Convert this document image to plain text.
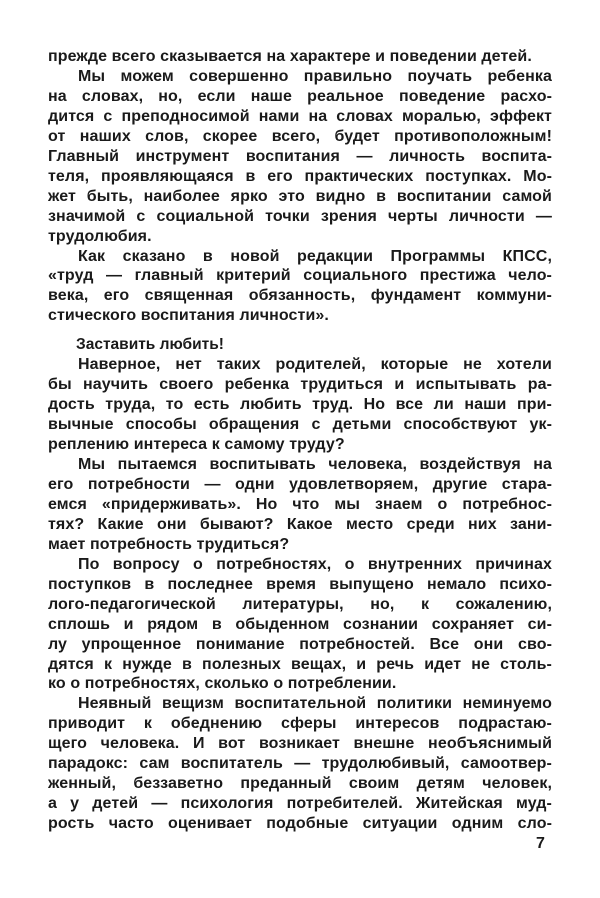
прежде всего сказывается на характере и поведении детей.
Мы можем совершенно правильно поучать ребенка
на словах, но, если наше реальное поведение расхо-
дится с преподносимой нами на словах моралью, эффект
от наших слов, скорее всего, будет противоположным!
Главный инструмент воспитания — личность воспита-
теля, проявляющаяся в его практических поступках. Мо-
жет быть, наиболее ярко это видно в воспитании самой
значимой с социальной точки зрения черты личности —
трудолюбия.
Как сказано в новой редакции Программы КПСС,
«труд — главный критерий социального престижа чело-
века, его священная обязанность, фундамент коммуни-
стического воспитания личности».
Заставить любить!
Наверное, нет таких родителей, которые не хотели
бы научить своего ребенка трудиться и испытывать ра-
дость труда, то есть любить труд. Но все ли наши при-
вычные способы обращения с детьми способствуют ук-
реплению интереса к самому труду?
Мы пытаемся воспитывать человека, воздействуя на
его потребности — одни удовлетворяем, другие стара-
емся «придерживать». Но что мы знаем о потребнос-
тях? Какие они бывают? Какое место среди них зани-
мает потребность трудиться?
По вопросу о потребностях, о внутренних причинах
поступков в последнее время выпущено немало психо-
лого-педагогической литературы, но, к сожалению,
сплошь и рядом в обыденном сознании сохраняет си-
лу упрощенное понимание потребностей. Все они сво-
дятся к нужде в полезных вещах, и речь идет не столь-
ко о потребностях, сколько о потреблении.
Неявный вещизм воспитательной политики неминуемо
приводит к обеднению сферы интересов подрастаю-
щего человека. И вот возникает внешне необъяснимый
парадокс: сам воспитатель — трудолюбивый, самоотвер-
женный, беззаветно преданный своим детям человек,
а у детей — психология потребителей. Житейская муд-
рость часто оценивает подобные ситуации одним сло-
7
